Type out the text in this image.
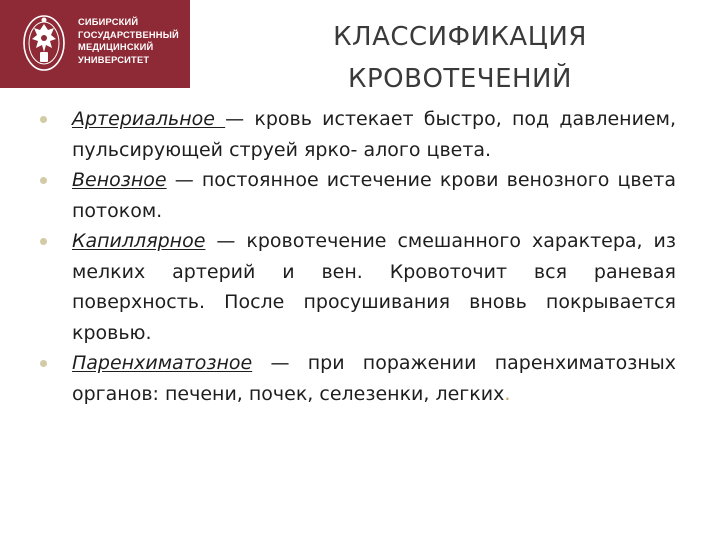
СИБИРСКИЙ
ГОСУДАРСТВЕННЫЙ
МЕДИЦИНСКИЙ
УНИВЕРСИТЕТ
КЛАССИФИКАЦИЯ
КРОВОТЕЧЕНИЙ
Артериальное — кровь истекает быстро, под давлением, пульсирующей струей ярко- алого цвета.
Венозное — постоянное истечение крови венозного цвета потоком.
Капиллярное — кровотечение смешанного характера, из мелких артерий и вен. Кровоточит вся раневая поверхность. После просушивания вновь покрывается кровью.
Паренхиматозное — при поражении паренхиматозных органов: печени, почек, селезенки, легких.
